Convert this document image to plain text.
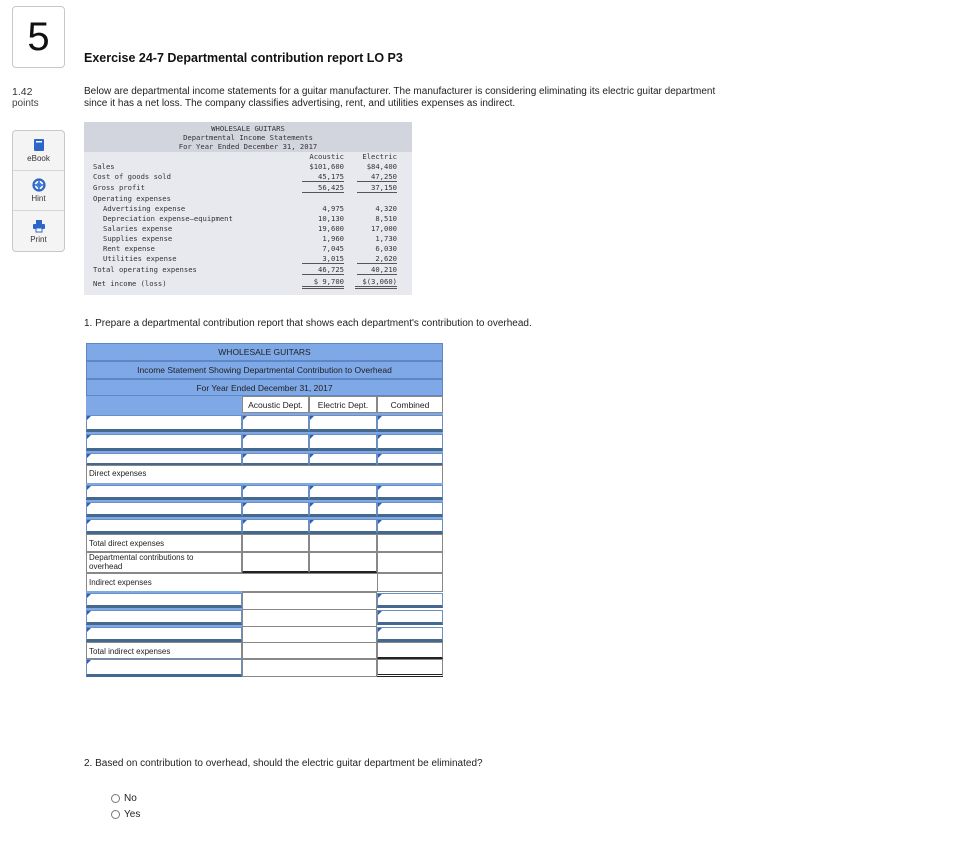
5
1.42
points
eBook
Hint
Print
Exercise 24-7 Departmental contribution report LO P3
Below are departmental income statements for a guitar manufacturer. The manufacturer is considering eliminating its electric guitar department since it has a net loss. The company classifies advertising, rent, and utilities expenses as indirect.
WHOLESALE GUITARS
Departmental Income Statements
For Year Ended December 31, 2017
Acoustic	Electric
Sales	$101,600	$84,400
Cost of goods sold	45,175	47,250
Gross profit	56,425	37,150
Operating expenses
Advertising expense	4,975	4,320
Depreciation expense—equipment	10,130	8,510
Salaries expense	19,600	17,000
Supplies expense	1,960	1,730
Rent expense	7,045	6,030
Utilities expense	3,015	2,620
Total operating expenses	46,725	40,210
Net income (loss)	$ 9,700	$(3,060)
1. Prepare a departmental contribution report that shows each department's contribution to overhead.
WHOLESALE GUITARS
Income Statement Showing Departmental Contribution to Overhead
For Year Ended December 31, 2017
Acoustic Dept.	Electric Dept.	Combined
Direct expenses
Total direct expenses
Departmental contributions to overhead
Indirect expenses
Total indirect expenses
2. Based on contribution to overhead, should the electric guitar department be eliminated?
No
Yes
